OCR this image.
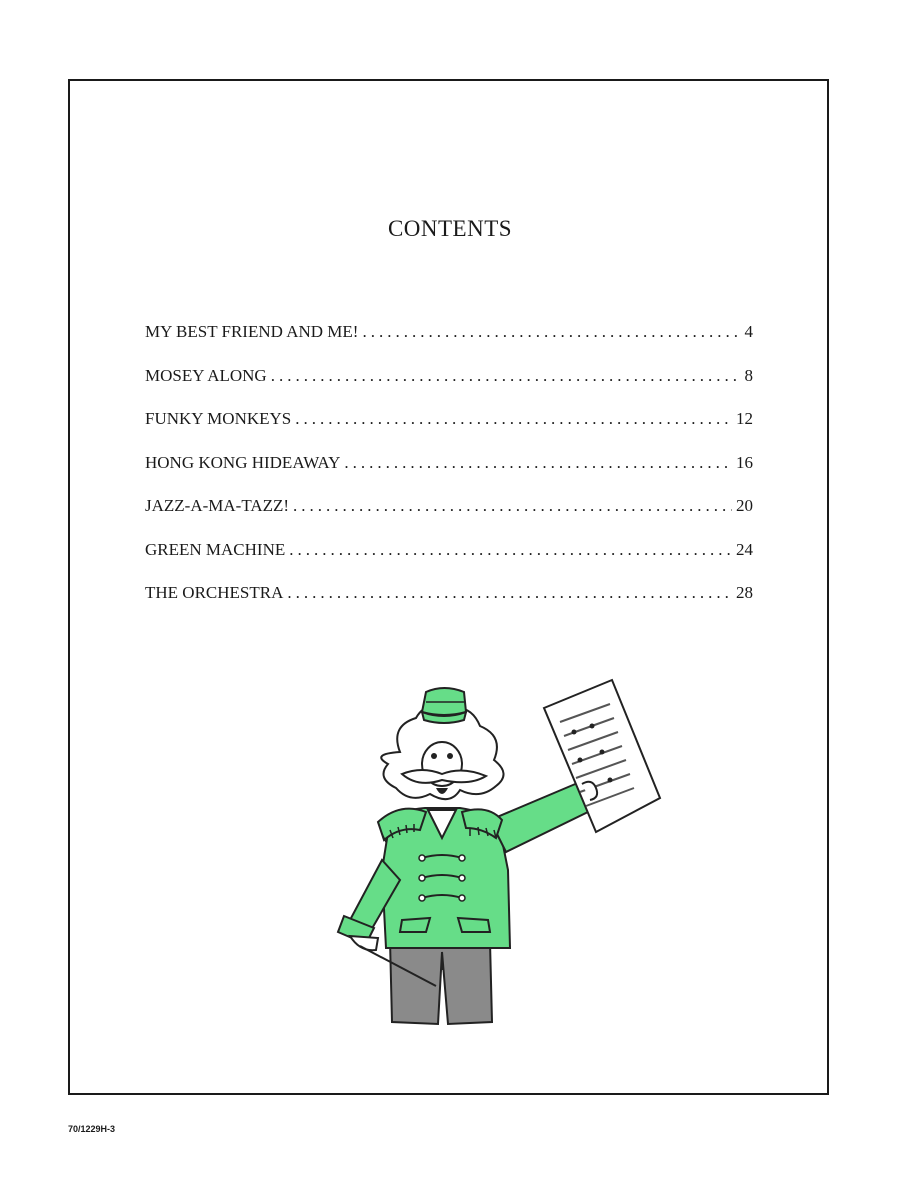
CONTENTS
MY BEST FRIEND AND ME! .....	4
MOSEY ALONG .....	8
FUNKY MONKEYS .....	12
HONG KONG HIDEAWAY .....	16
JAZZ-A-MA-TAZZ! .....	20
GREEN MACHINE .....	24
THE ORCHESTRA .....	28
70/1229H-3
